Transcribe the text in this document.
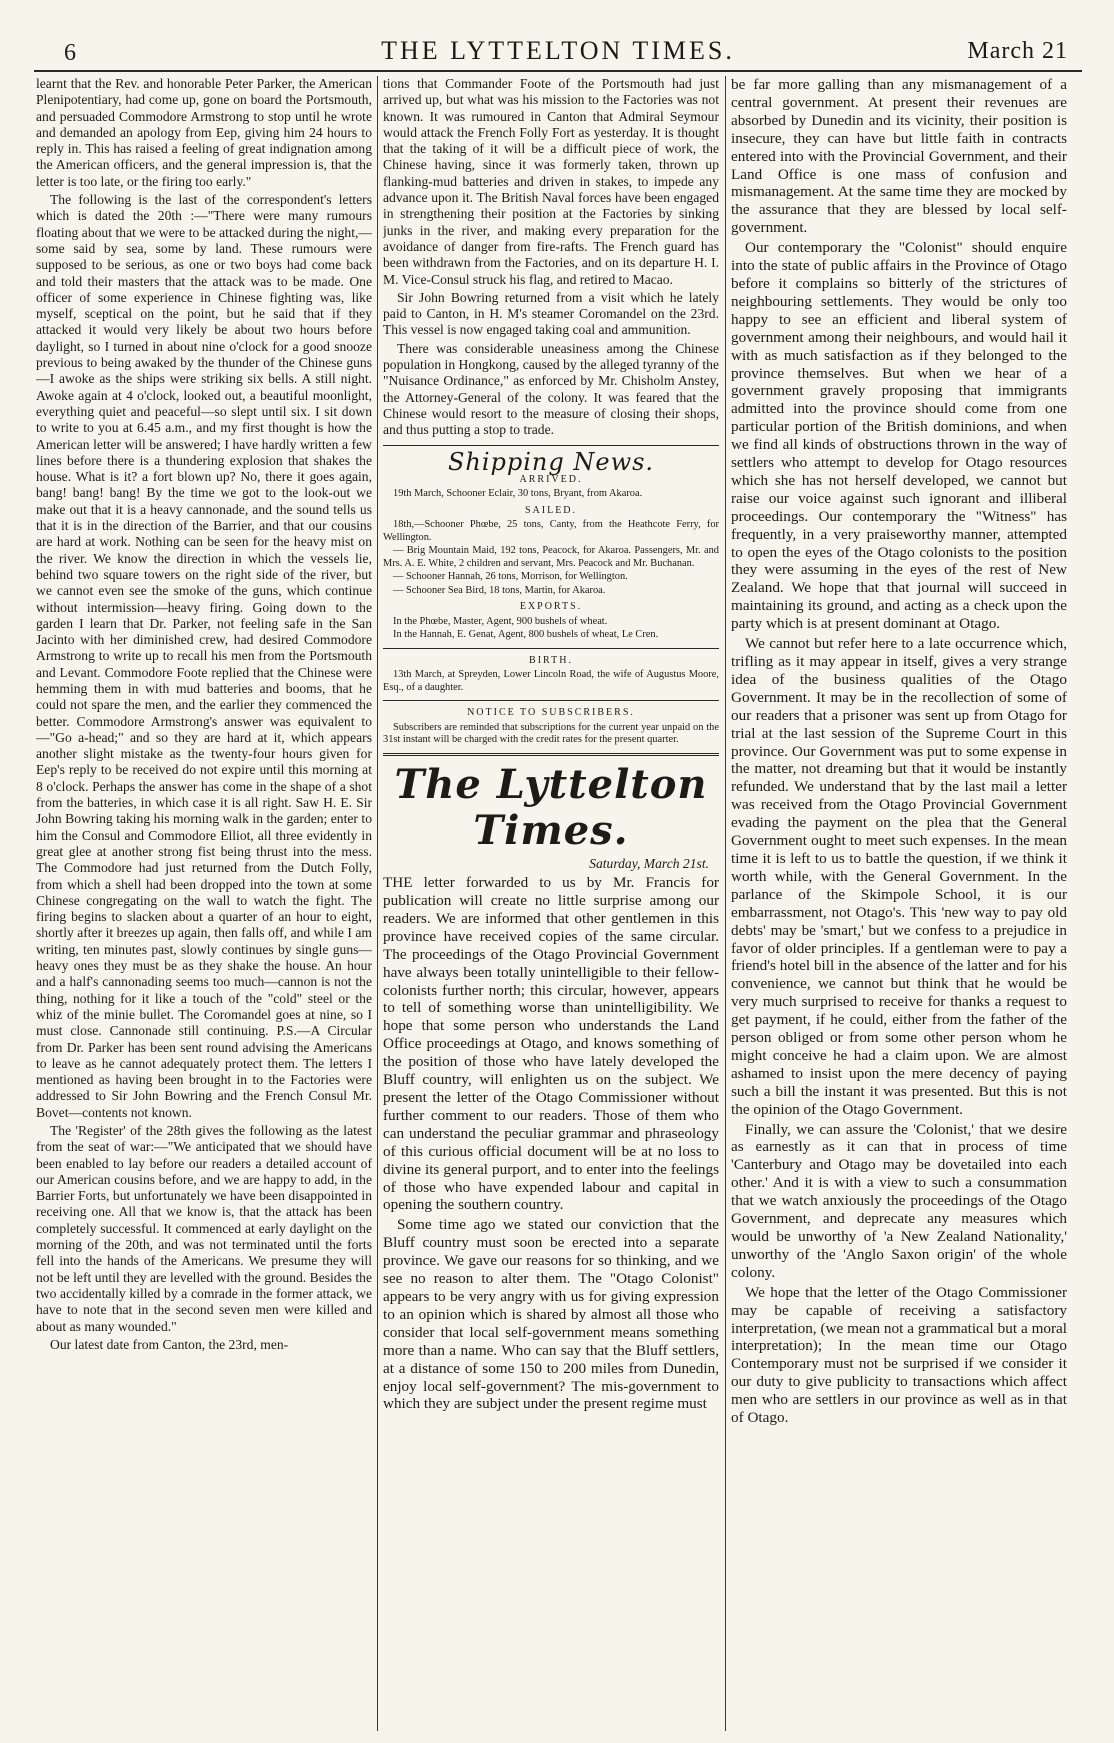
6	THE LYTTELTON TIMES.	March 21

learnt that the Rev. and honorable Peter Parker, the American Plenipotentiary, had come up, gone on board the Portsmouth, and persuaded Commodore Armstrong to stop until he wrote and demanded an apology from Eep, giving him 24 hours to reply in. This has raised a feeling of great indignation among the American officers, and the general impression is, that the letter is too late, or the firing too early."

The following is the last of the correspondent's letters which is dated the 20th :—"There were many rumours floating about that we were to be attacked during the night,—some said by sea, some by land. These rumours were supposed to be serious, as one or two boys had come back and told their masters that the attack was to be made. One officer of some experience in Chinese fighting was, like myself, sceptical on the point, but he said that if they attacked it would very likely be about two hours before daylight, so I turned in about nine o'clock for a good snooze previous to being awaked by the thunder of the Chinese guns—I awoke as the ships were striking six bells. A still night. Awoke again at 4 o'clock, looked out, a beautiful moonlight, everything quiet and peaceful—so slept until six. I sit down to write to you at 6.45 a.m., and my first thought is how the American letter will be answered; I have hardly written a few lines before there is a thundering explosion that shakes the house. What is it? a fort blown up? No, there it goes again, bang! bang! bang! By the time we got to the look-out we make out that it is a heavy cannonade, and the sound tells us that it is in the direction of the Barrier, and that our cousins are hard at work. Nothing can be seen for the heavy mist on the river. We know the direction in which the vessels lie, behind two square towers on the right side of the river, but we cannot even see the smoke of the guns, which continue without intermission—heavy firing. Going down to the garden I learn that Dr. Parker, not feeling safe in the San Jacinto with her diminished crew, had desired Commodore Armstrong to write up to recall his men from the Portsmouth and Levant. Commodore Foote replied that the Chinese were hemming them in with mud batteries and booms, that he could not spare the men, and the earlier they commenced the better. Commodore Armstrong's answer was equivalent to—"Go a-head;" and so they are hard at it, which appears another slight mistake as the twenty-four hours given for Eep's reply to be received do not expire until this morning at 8 o'clock. Perhaps the answer has come in the shape of a shot from the batteries, in which case it is all right. Saw H. E. Sir John Bowring taking his morning walk in the garden; enter to him the Consul and Commodore Elliot, all three evidently in great glee at another strong fist being thrust into the mess. The Commodore had just returned from the Dutch Folly, from which a shell had been dropped into the town at some Chinese congregating on the wall to watch the fight. The firing begins to slacken about a quarter of an hour to eight, shortly after it breezes up again, then falls off, and while I am writing, ten minutes past, slowly continues by single guns—heavy ones they must be as they shake the house. An hour and a half's cannonading seems too much—cannon is not the thing, nothing for it like a touch of the "cold" steel or the whiz of the minie bullet. The Coromandel goes at nine, so I must close. Cannonade still continuing. P.S.—A Circular from Dr. Parker has been sent round advising the Americans to leave as he cannot adequately protect them. The letters I mentioned as having been brought in to the Factories were addressed to Sir John Bowring and the French Consul Mr. Bovet—contents not known.

The 'Register' of the 28th gives the following as the latest from the seat of war:—"We anticipated that we should have been enabled to lay before our readers a detailed account of our American cousins before, and we are happy to add, in the Barrier Forts, but unfortunately we have been disappointed in receiving one. All that we know is, that the attack has been completely successful. It commenced at early daylight on the morning of the 20th, and was not terminated until the forts fell into the hands of the Americans. We presume they will not be left until they are levelled with the ground. Besides the two accidentally killed by a comrade in the former attack, we have to note that in the second seven men were killed and about as many wounded."

Our latest date from Canton, the 23rd, men-

tions that Commander Foote of the Portsmouth had just arrived up, but what was his mission to the Factories was not known. It was rumoured in Canton that Admiral Seymour would attack the French Folly Fort as yesterday. It is thought that the taking of it will be a difficult piece of work, the Chinese having, since it was formerly taken, thrown up flanking-mud batteries and driven in stakes, to impede any advance upon it. The British Naval forces have been engaged in strengthening their position at the Factories by sinking junks in the river, and making every preparation for the avoidance of danger from fire-rafts. The French guard has been withdrawn from the Factories, and on its departure H. I. M. Vice-Consul struck his flag, and retired to Macao.

Sir John Bowring returned from a visit which he lately paid to Canton, in H. M's steamer Coromandel on the 23rd. This vessel is now engaged taking coal and ammunition.

There was considerable uneasiness among the Chinese population in Hongkong, caused by the alleged tyranny of the "Nuisance Ordinance," as enforced by Mr. Chisholm Anstey, the Attorney-General of the colony. It was feared that the Chinese would resort to the measure of closing their shops, and thus putting a stop to trade.

Shipping News.
ARRIVED.

19th March, Schooner Eclair, 30 tons, Bryant, from Akaroa.

SAILED.

18th,—Schooner Phœbe, 25 tons, Canty, from the Heathcote Ferry, for Wellington.

— Brig Mountain Maid, 192 tons, Peacock, for Akaroa. Passengers, Mr. and Mrs. A. E. White, 2 children and servant, Mrs. Peacock and Mr. Buchanan.

— Schooner Hannah, 26 tons, Morrison, for Wellington.

— Schooner Sea Bird, 18 tons, Martin, for Akaroa.

EXPORTS.

In the Phœbe, Master, Agent, 900 bushels of wheat.

In the Hannah, E. Genat, Agent, 800 bushels of wheat, Le Cren.

BIRTH.

13th March, at Spreyden, Lower Lincoln Road, the wife of Augustus Moore, Esq., of a daughter.

NOTICE TO SUBSCRIBERS.

Subscribers are reminded that subscriptions for the current year unpaid on the 31st instant will be charged with the credit rates for the present quarter.

The Lyttelton Times.
Saturday, March 21st.

THE letter forwarded to us by Mr. Francis for publication will create no little surprise among our readers. We are informed that other gentlemen in this province have received copies of the same circular. The proceedings of the Otago Provincial Government have always been totally unintelligible to their fellow-colonists further north; this circular, however, appears to tell of something worse than unintelligibility. We hope that some person who understands the Land Office proceedings at Otago, and knows something of the position of those who have lately developed the Bluff country, will enlighten us on the subject. We present the letter of the Otago Commissioner without further comment to our readers. Those of them who can understand the peculiar grammar and phraseology of this curious official document will be at no loss to divine its general purport, and to enter into the feelings of those who have expended labour and capital in opening the southern country.

Some time ago we stated our conviction that the Bluff country must soon be erected into a separate province. We gave our reasons for so thinking, and we see no reason to alter them. The "Otago Colonist" appears to be very angry with us for giving expression to an opinion which is shared by almost all those who consider that local self-government means something more than a name. Who can say that the Bluff settlers, at a distance of some 150 to 200 miles from Dunedin, enjoy local self-government? The mis-government to which they are subject under the present regime must

be far more galling than any mismanagement of a central government. At present their revenues are absorbed by Dunedin and its vicinity, their position is insecure, they can have but little faith in contracts entered into with the Provincial Government, and their Land Office is one mass of confusion and mismanagement. At the same time they are mocked by the assurance that they are blessed by local self-government.

Our contemporary the "Colonist" should enquire into the state of public affairs in the Province of Otago before it complains so bitterly of the strictures of neighbouring settlements. They would be only too happy to see an efficient and liberal system of government among their neighbours, and would hail it with as much satisfaction as if they belonged to the province themselves. But when we hear of a government gravely proposing that immigrants admitted into the province should come from one particular portion of the British dominions, and when we find all kinds of obstructions thrown in the way of settlers who attempt to develop for Otago resources which she has not herself developed, we cannot but raise our voice against such ignorant and illiberal proceedings. Our contemporary the "Witness" has frequently, in a very praiseworthy manner, attempted to open the eyes of the Otago colonists to the position they were assuming in the eyes of the rest of New Zealand. We hope that that journal will succeed in maintaining its ground, and acting as a check upon the party which is at present dominant at Otago.

We cannot but refer here to a late occurrence which, trifling as it may appear in itself, gives a very strange idea of the business qualities of the Otago Government. It may be in the recollection of some of our readers that a prisoner was sent up from Otago for trial at the last session of the Supreme Court in this province. Our Government was put to some expense in the matter, not dreaming but that it would be instantly refunded. We understand that by the last mail a letter was received from the Otago Provincial Government evading the payment on the plea that the General Government ought to meet such expenses. In the mean time it is left to us to battle the question, if we think it worth while, with the General Government. In the parlance of the Skimpole School, it is our embarrassment, not Otago's. This 'new way to pay old debts' may be 'smart,' but we confess to a prejudice in favor of older principles. If a gentleman were to pay a friend's hotel bill in the absence of the latter and for his convenience, we cannot but think that he would be very much surprised to receive for thanks a request to get payment, if he could, either from the father of the person obliged or from some other person whom he might conceive he had a claim upon. We are almost ashamed to insist upon the mere decency of paying such a bill the instant it was presented. But this is not the opinion of the Otago Government.

Finally, we can assure the 'Colonist,' that we desire as earnestly as it can that in process of time 'Canterbury and Otago may be dovetailed into each other.' And it is with a view to such a consummation that we watch anxiously the proceedings of the Otago Government, and deprecate any measures which would be unworthy of 'a New Zealand Nationality,' unworthy of the 'Anglo Saxon origin' of the whole colony.

We hope that the letter of the Otago Commissioner may be capable of receiving a satisfactory interpretation, (we mean not a grammatical but a moral interpretation); In the mean time our Otago Contemporary must not be surprised if we consider it our duty to give publicity to transactions which affect men who are settlers in our province as well as in that of Otago.
